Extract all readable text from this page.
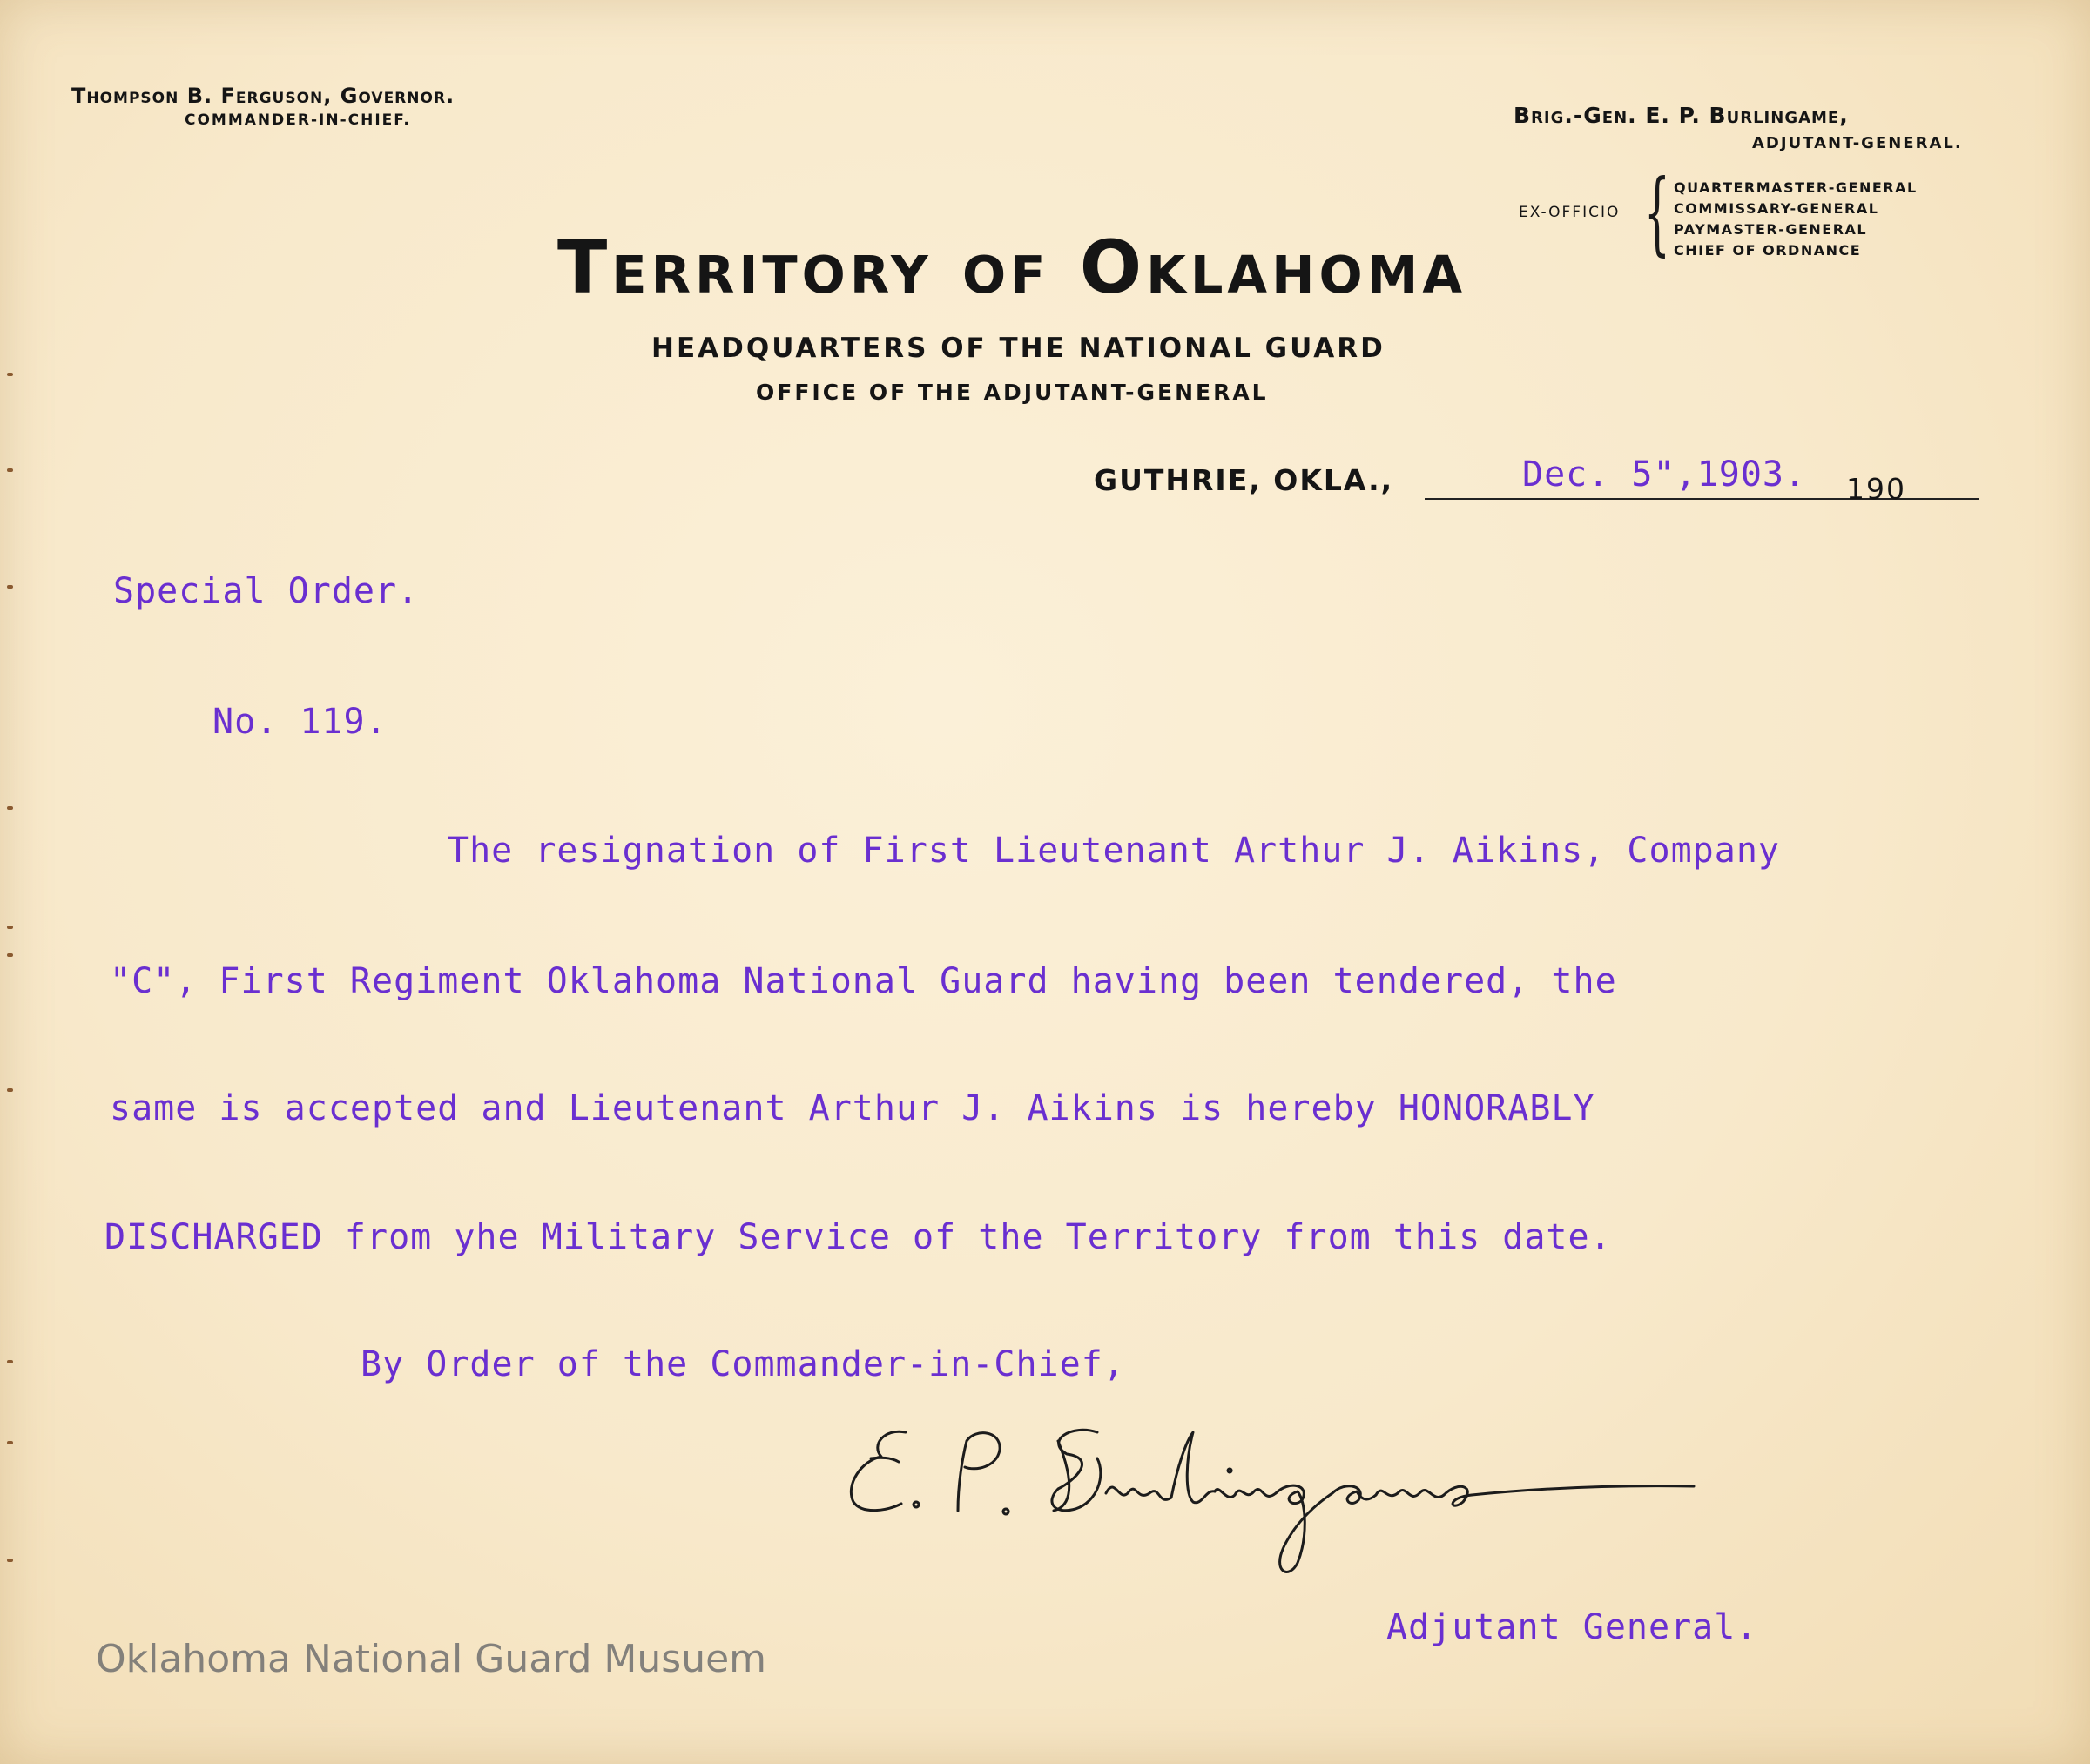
Thompson B. Ferguson, Governor.
COMMANDER-IN-CHIEF.	Brig.-Gen. E. P. Burlingame,
ADJUTANT-GENERAL.
EX-OFFICIO { QUARTERMASTER-GENERAL
COMMISSARY-GENERAL
PAYMASTER-GENERAL
CHIEF OF ORDNANCE
Territory of Oklahoma
HEADQUARTERS OF THE NATIONAL GUARD
OFFICE OF THE ADJUTANT-GENERAL
GUTHRIE, OKLA.,	Dec. 5",1903. 190
Special Order.
No. 119.
The resignation of First Lieutenant Arthur J. Aikins, Company
"C", First Regiment Oklahoma National Guard having been tendered, the
same is accepted and Lieutenant Arthur J. Aikins is hereby HONORABLY
DISCHARGED from yhe Military Service of the Territory from this date.
By Order of the Commander-in-Chief,
Adjutant General.
Oklahoma National Guard Musuem
